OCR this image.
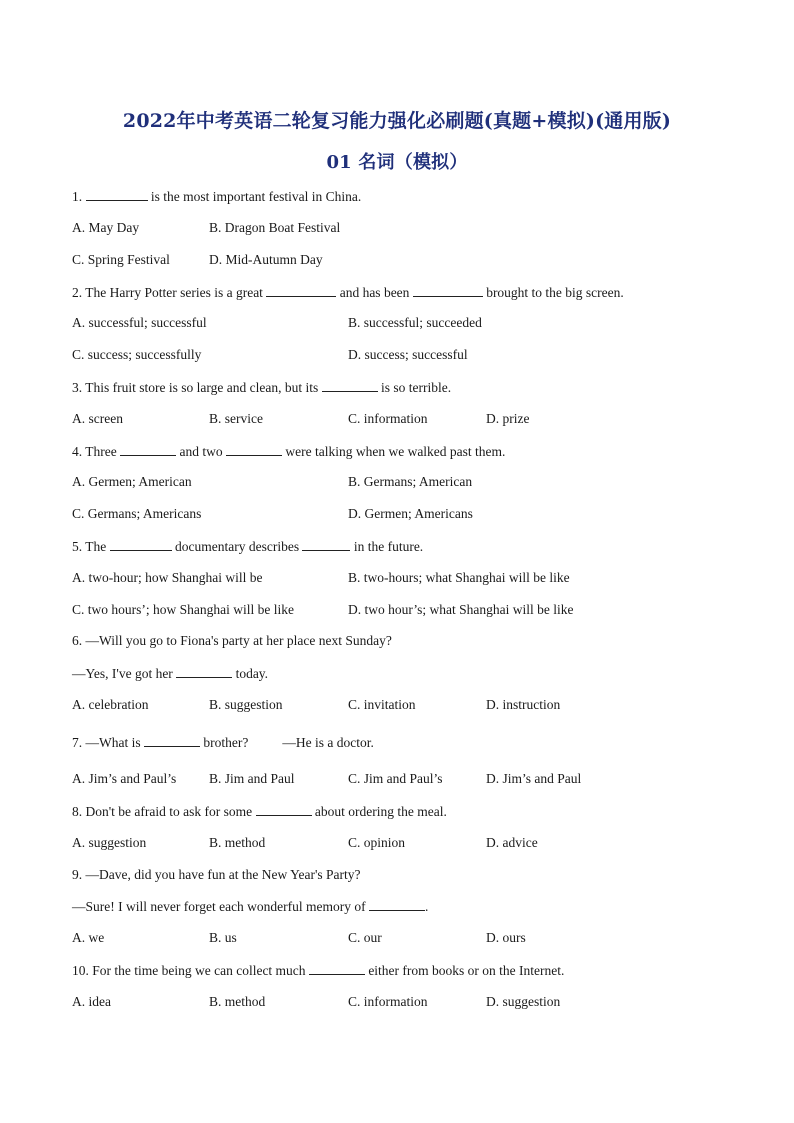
2022年中考英语二轮复习能力强化必刷题(真题+模拟)(通用版)
01 名词（模拟）
1.	is the most important festival in China.
A. May Day	B. Dragon Boat Festival
C. Spring Festival	D. Mid-Autumn Day
2. The Harry Potter series is a great	and has been	brought to the big screen.
A. successful; successful	B. successful; succeeded
C. success; successfully	D. success; successful
3. This fruit store is so large and clean, but its	is so terrible.
A. screen	B. service	C. information	D. prize
4. Three	and two	were talking when we walked past them.
A. Germen; American	B. Germans; American
C. Germans; Americans	D. Germen; Americans
5. The	documentary describes	in the future.
A. two-hour; how Shanghai will be	B. two-hours; what Shanghai will be like
C. two hours’; how Shanghai will be like	D. two hour’s; what Shanghai will be like
6. —Will you go to Fiona's party at her place next Sunday?
—Yes, I've got her	today.
A. celebration	B. suggestion	C. invitation	D. instruction
7. —What is	brother?	—He is a doctor.
A. Jim’s and Paul’s B. Jim and Paul	C. Jim and Paul’s	D. Jim’s and Paul
8. Don't be afraid to ask for some	about ordering the meal.
A. suggestion	B. method	C. opinion	D. advice
9. —Dave, did you have fun at the New Year's Party?
—Sure! I will never forget each wonderful memory of	.
A. we	B. us	C. our	D. ours
10. For the time being we can collect much	either from books or on the Internet.
A. idea	B. method	C. information	D. suggestion
